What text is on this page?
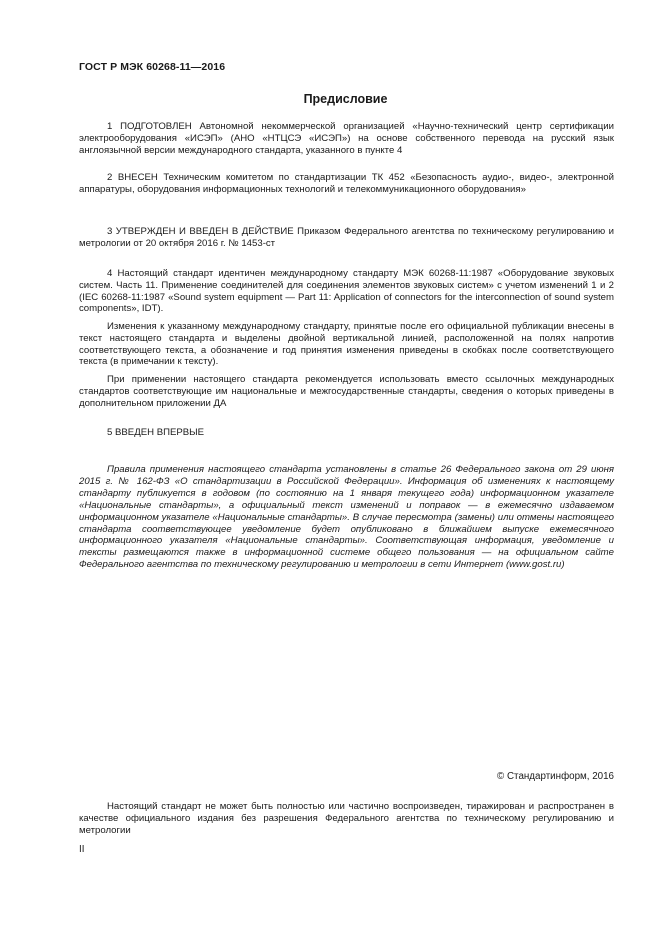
ГОСТ Р МЭК 60268-11—2016
Предисловие
1 ПОДГОТОВЛЕН Автономной некоммерческой организацией «Научно-технический центр сертификации электрооборудования «ИСЭП» (АНО «НТЦСЭ «ИСЭП») на основе собственного перевода на русский язык англоязычной версии международного стандарта, указанного в пункте 4
2 ВНЕСЕН Техническим комитетом по стандартизации ТК 452 «Безопасность аудио-, видео-, электронной аппаратуры, оборудования информационных технологий и телекоммуникационного оборудования»
3 УТВЕРЖДЕН И ВВЕДЕН В ДЕЙСТВИЕ Приказом Федерального агентства по техническому регулированию и метрологии от 20 октября 2016 г. № 1453-ст
4 Настоящий стандарт идентичен международному стандарту МЭК 60268-11:1987 «Оборудование звуковых систем. Часть 11. Применение соединителей для соединения элементов звуковых систем» с учетом изменений 1 и 2 (IEC 60268-11:1987 «Sound system equipment — Part 11: Application of connectors for the interconnection of sound system components», IDT).
Изменения к указанному международному стандарту, принятые после его официальной публикации внесены в текст настоящего стандарта и выделены двойной вертикальной линией, расположенной на полях напротив соответствующего текста, а обозначение и год принятия изменения приведены в скобках после соответствующего текста (в примечании к тексту).
При применении настоящего стандарта рекомендуется использовать вместо ссылочных международных стандартов соответствующие им национальные и межгосударственные стандарты, сведения о которых приведены в дополнительном приложении ДА
5 ВВЕДЕН ВПЕРВЫЕ
Правила применения настоящего стандарта установлены в статье 26 Федерального закона от 29 июня 2015 г. № 162-ФЗ «О стандартизации в Российской Федерации». Информация об изменениях к настоящему стандарту публикуется в годовом (по состоянию на 1 января текущего года) информационном указателе «Национальные стандарты», а официальный текст изменений и поправок — в ежемесячно издаваемом информационном указателе «Национальные стандарты». В случае пересмотра (замены) или отмены настоящего стандарта соответствующее уведомление будет опубликовано в ближайшем выпуске ежемесячного информационного указателя «Национальные стандарты». Соответствующая информация, уведомление и тексты размещаются также в информационной системе общего пользования — на официальном сайте Федерального агентства по техническому регулированию и метрологии в сети Интернет (www.gost.ru)
© Стандартинформ, 2016
Настоящий стандарт не может быть полностью или частично воспроизведен, тиражирован и распространен в качестве официального издания без разрешения Федерального агентства по техническому регулированию и метрологии
II
